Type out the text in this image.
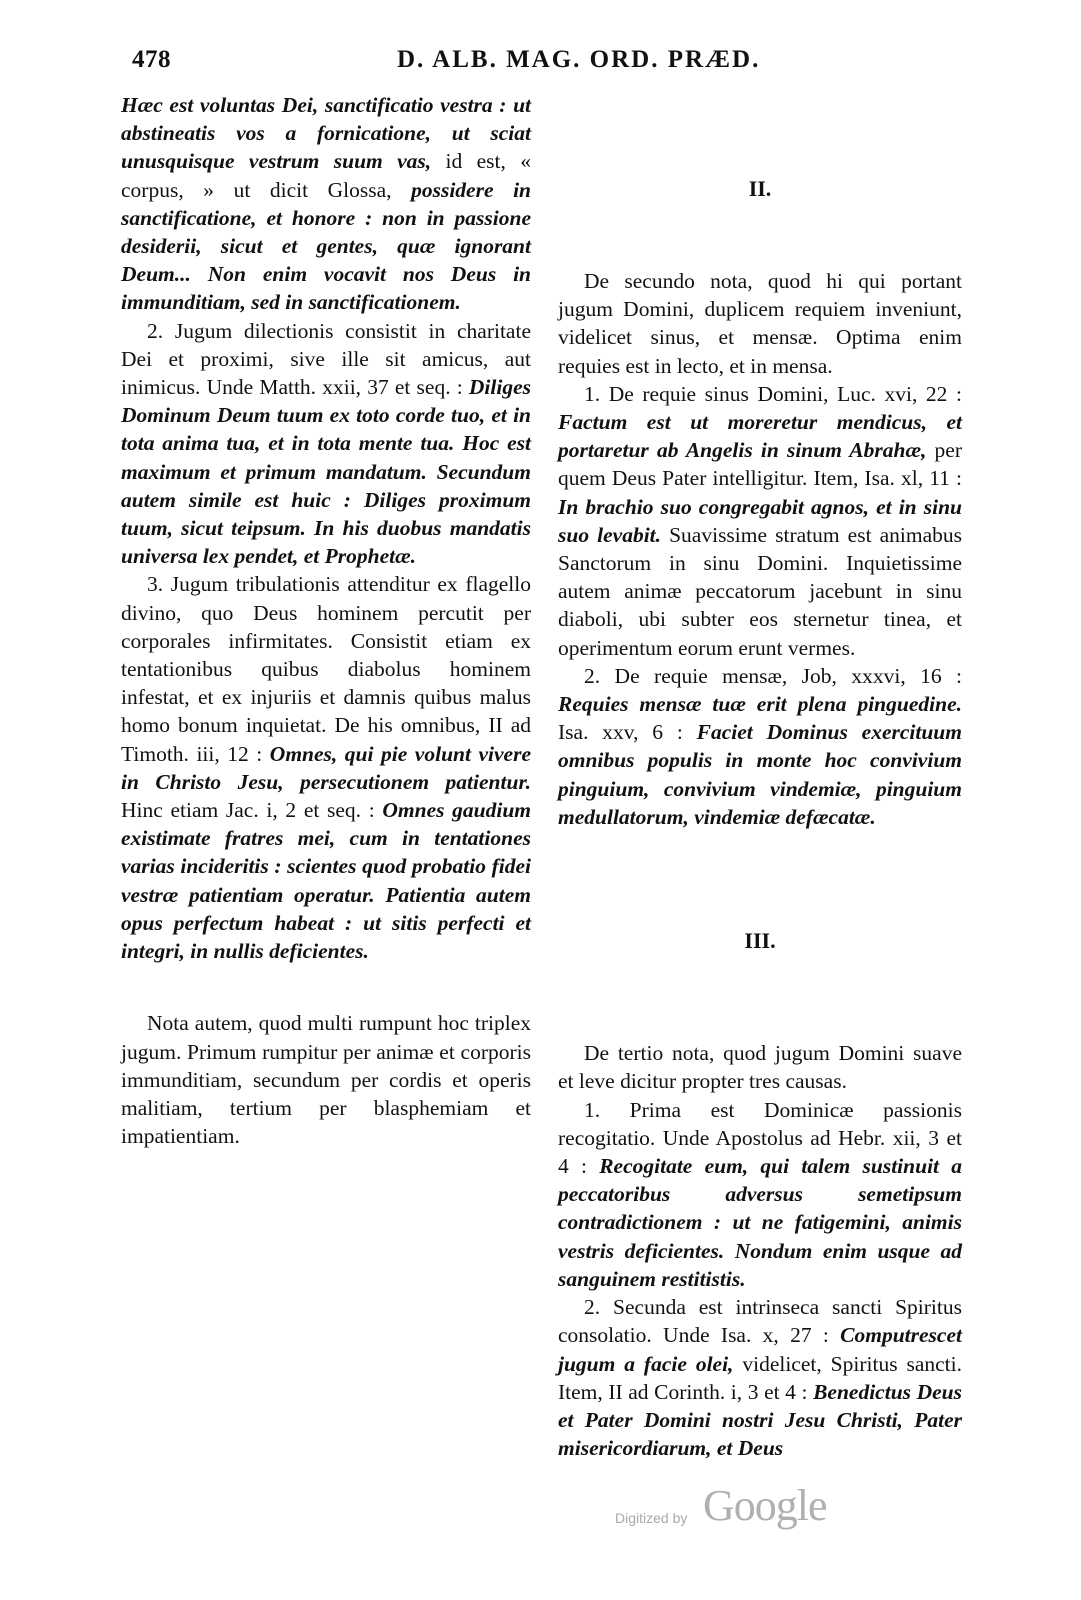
478	D. ALB. MAG. ORD. PRÆD.

Hæc est voluntas Dei, sanctificatio vestra : ut abstineatis vos a fornicatione, ut sciat unusquisque vestrum suum vas, id est, « corpus, » ut dicit Glossa, possidere in sanctificatione, et honore : non in passione desiderii, sicut et gentes, quæ ignorant Deum... Non enim vocavit nos Deus in immunditiam, sed in sanctificationem.

2. Jugum dilectionis consistit in charitate Dei et proximi, sive ille sit amicus, aut inimicus. Unde Matth. xxii, 37 et seq. : Diliges Dominum Deum tuum ex toto corde tuo, et in tota anima tua, et in tota mente tua. Hoc est maximum et primum mandatum. Secundum autem simile est huic : Diliges proximum tuum, sicut teipsum. In his duobus mandatis universa lex pendet, et Prophetæ.

3. Jugum tribulationis attenditur ex flagello divino, quo Deus hominem percutit per corporales infirmitates. Consistit etiam ex tentationibus quibus diabolus hominem infestat, et ex injuriis et damnis quibus malus homo bonum inquietat. De his omnibus, II ad Timoth. iii, 12 : Omnes, qui pie volunt vivere in Christo Jesu, persecutionem patientur. Hinc etiam Jac. i, 2 et seq. : Omnes gaudium existimate fratres mei, cum in tentationes varias incideritis : scientes quod probatio fidei vestræ patientiam operatur. Patientia autem opus perfectum habeat : ut sitis perfecti et integri, in nullis deficientes.

Nota autem, quod multi rumpunt hoc triplex jugum. Primum rumpitur per animæ et corporis immunditiam, secundum per cordis et operis malitiam, tertium per blasphemiam et impatientiam.

II.

De secundo nota, quod hi qui portant jugum Domini, duplicem requiem inveniunt, videlicet sinus, et mensæ. Optima enim requies est in lecto, et in mensa.

1. De requie sinus Domini, Luc. xvi, 22 : Factum est ut moreretur mendicus, et portaretur ab Angelis in sinum Abrahæ, per quem Deus Pater intelligitur. Item, Isa. xl, 11 : In brachio suo congregabit agnos, et in sinu suo levabit. Suavissime stratum est animabus Sanctorum in sinu Domini. Inquietissime autem animæ peccatorum jacebunt in sinu diaboli, ubi subter eos sternetur tinea, et operimentum eorum erunt vermes.

2. De requie mensæ, Job, xxxvi, 16 : Requies mensæ tuæ erit plena pinguedine. Isa. xxv, 6 : Faciet Dominus exercituum omnibus populis in monte hoc convivium pinguium, convivium vindemiæ, pinguium medullatorum, vindemiæ defæcatæ.

III.

De tertio nota, quod jugum Domini suave et leve dicitur propter tres causas.

1. Prima est Dominicæ passionis recogitatio. Unde Apostolus ad Hebr. xii, 3 et 4 : Recogitate eum, qui talem sustinuit a peccatoribus adversus semetipsum contradictionem : ut ne fatigemini, animis vestris deficientes. Nondum enim usque ad sanguinem restitistis.

2. Secunda est intrinseca sancti Spiritus consolatio. Unde Isa. x, 27 : Computrescet jugum a facie olei, videlicet, Spiritus sancti. Item, II ad Corinth. i, 3 et 4 : Benedictus Deus et Pater Domini nostri Jesu Christi, Pater misericordiarum, et Deus

Digitized by Google
